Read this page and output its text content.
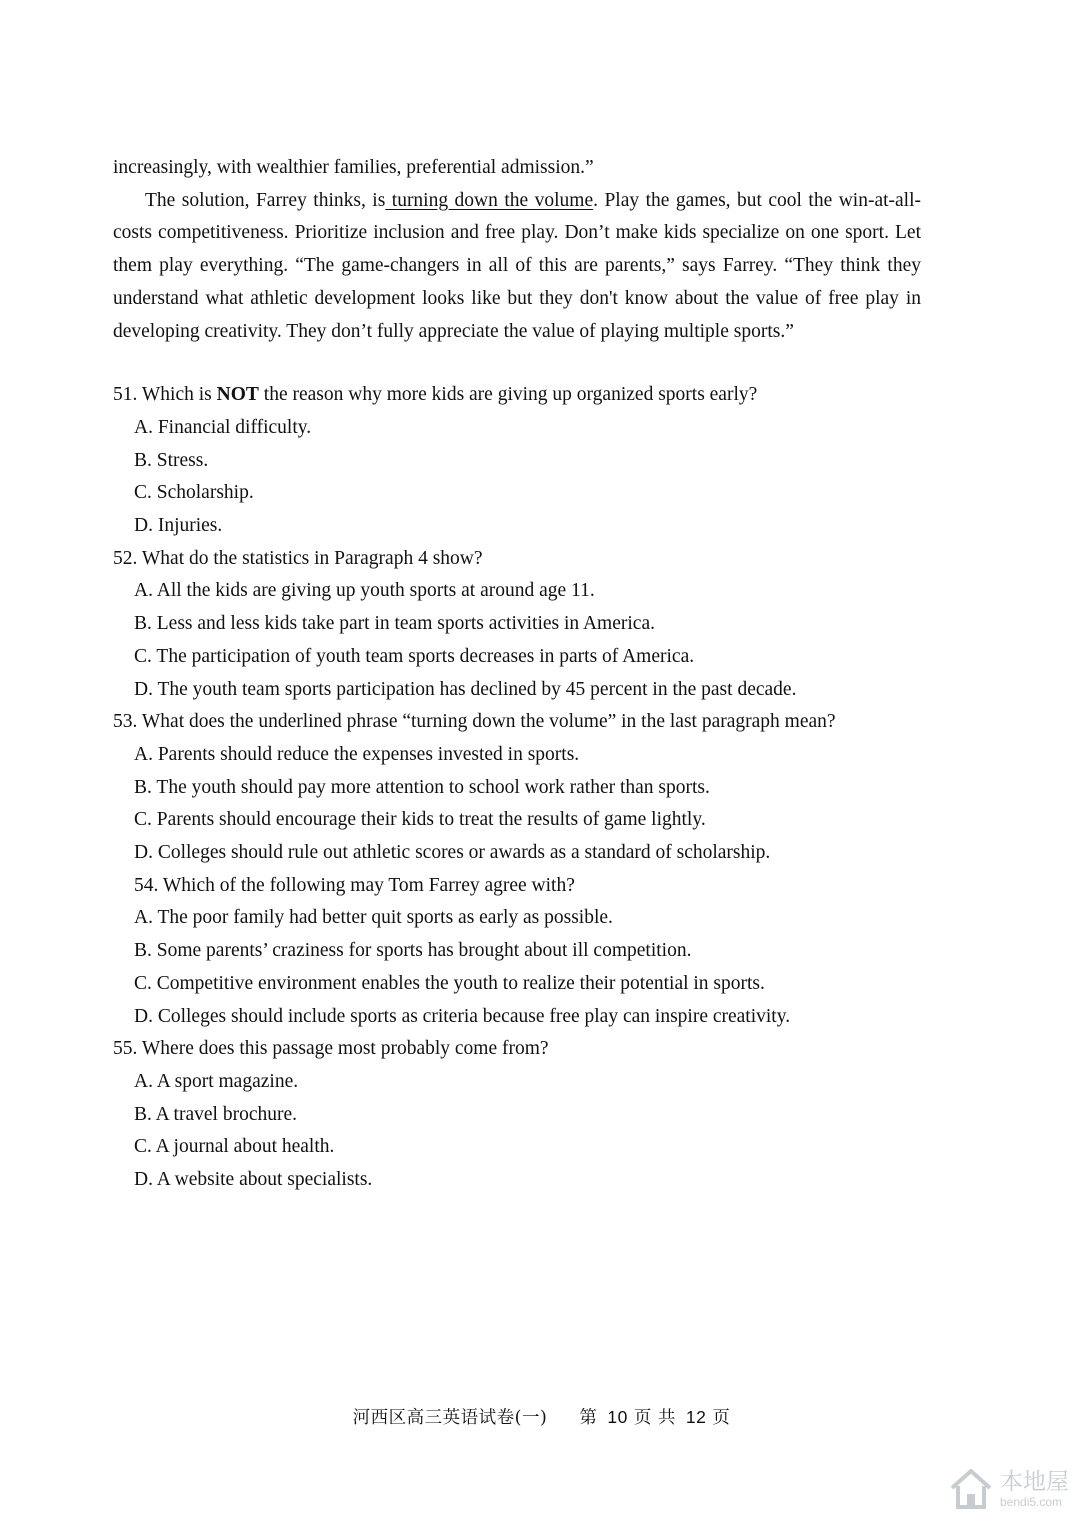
increasingly, with wealthier families, preferential admission.”

The solution, Farrey thinks, is turning down the volume. Play the games, but cool the win-at-all-costs competitiveness. Prioritize inclusion and free play. Don’t make kids specialize on one sport. Let them play everything. “The game-changers in all of this are parents,” says Farrey. “They think they understand what athletic development looks like but they don't know about the value of free play in developing creativity. They don’t fully appreciate the value of playing multiple sports.”

51. Which is NOT the reason why more kids are giving up organized sports early?

A. Financial difficulty.

B. Stress.

C. Scholarship.

D. Injuries.

52. What do the statistics in Paragraph 4 show?

A. All the kids are giving up youth sports at around age 11.

B. Less and less kids take part in team sports activities in America.

C. The participation of youth team sports decreases in parts of America.

D. The youth team sports participation has declined by 45 percent in the past decade.

53. What does the underlined phrase “turning down the volume” in the last paragraph mean?

A. Parents should reduce the expenses invested in sports.

B. The youth should pay more attention to school work rather than sports.

C. Parents should encourage their kids to treat the results of game lightly.

D. Colleges should rule out athletic scores or awards as a standard of scholarship.

54. Which of the following may Tom Farrey agree with?

A. The poor family had better quit sports as early as possible.

B. Some parents’ craziness for sports has brought about ill competition.

C. Competitive environment enables the youth to realize their potential in sports.

D. Colleges should include sports as criteria because free play can inspire creativity.

55. Where does this passage most probably come from?

A. A sport magazine.

B. A travel brochure.

C. A journal about health.

D. A website about specialists.

河西区高三英语试卷(一) 第 10 页 共 12 页
本地屋
bendi5.com
